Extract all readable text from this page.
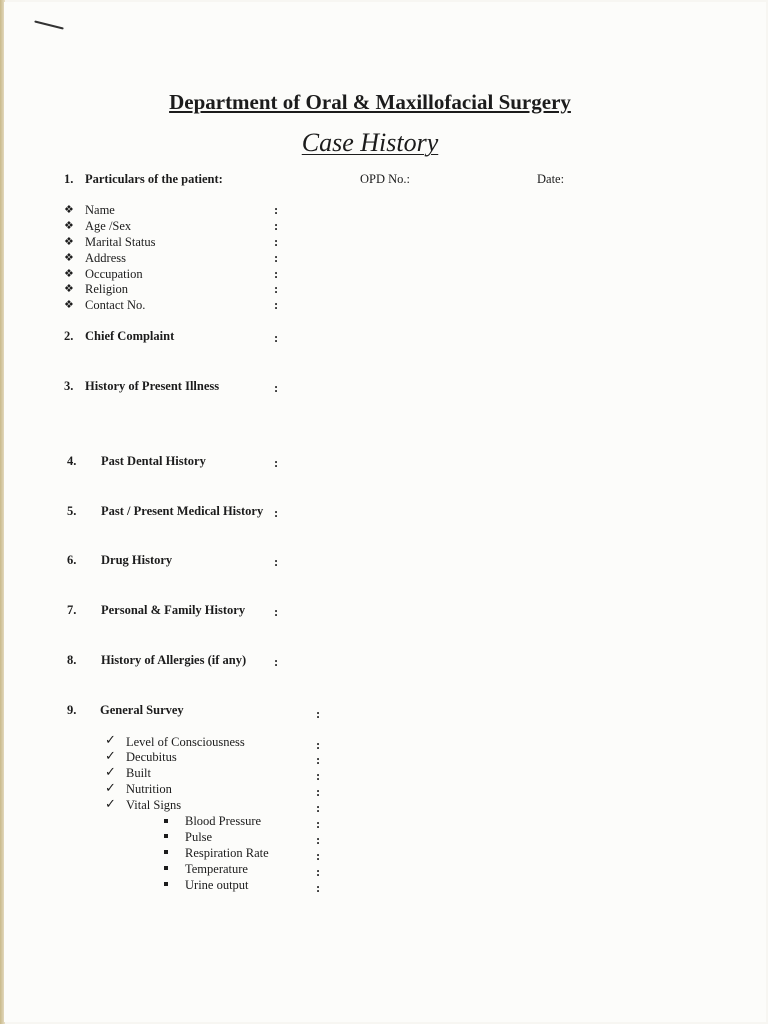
Department of Oral & Maxillofacial Surgery
Case History
1. Particulars of the patient:	OPD No.:	Date:
❖ Name	:
❖ Age /Sex	:
❖ Marital Status	:
❖ Address	:
❖ Occupation	:
❖ Religion	:
❖ Contact No.	:
2. Chief Complaint	:
3. History of Present Illness	:
4. Past Dental History	:
5. Past / Present Medical History :
6. Drug History	:
7. Personal & Family History :
8. History of Allergies (if any) :
9. General Survey	:
✓ Level of Consciousness	:
✓ Decubitus	:
✓ Built	:
✓ Nutrition	:
✓ Vital Signs	:
Blood Pressure	:
Pulse	:
Respiration Rate	:
Temperature	:
Urine output	:
